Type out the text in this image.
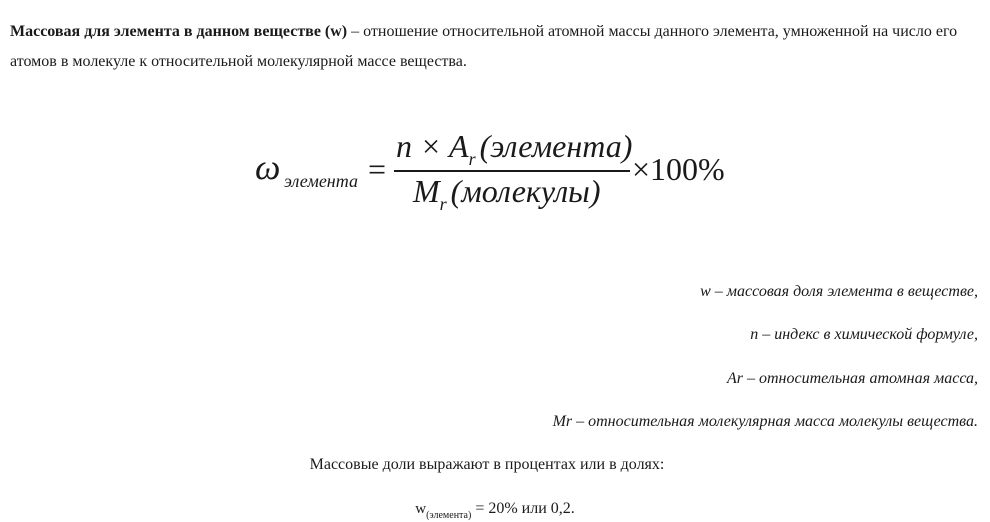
Массовая для элемента в данном веществе (w) – отношение относительной атомной массы данного элемента, умноженной на число его атомов в молекуле к относительной молекулярной массе вещества.

ω элемента =
$n \times A_r$ (элемента)
$M_r$ (молекулы)
×100%

w – массовая доля элемента в веществе,

n – индекс в химической формуле,

Ar – относительная атомная масса,

Mr – относительная молекулярная масса молекулы вещества.

Массовые доли выражают в процентах или в долях:

$w_{(элемента)} = 20\%$ или 0,2.
